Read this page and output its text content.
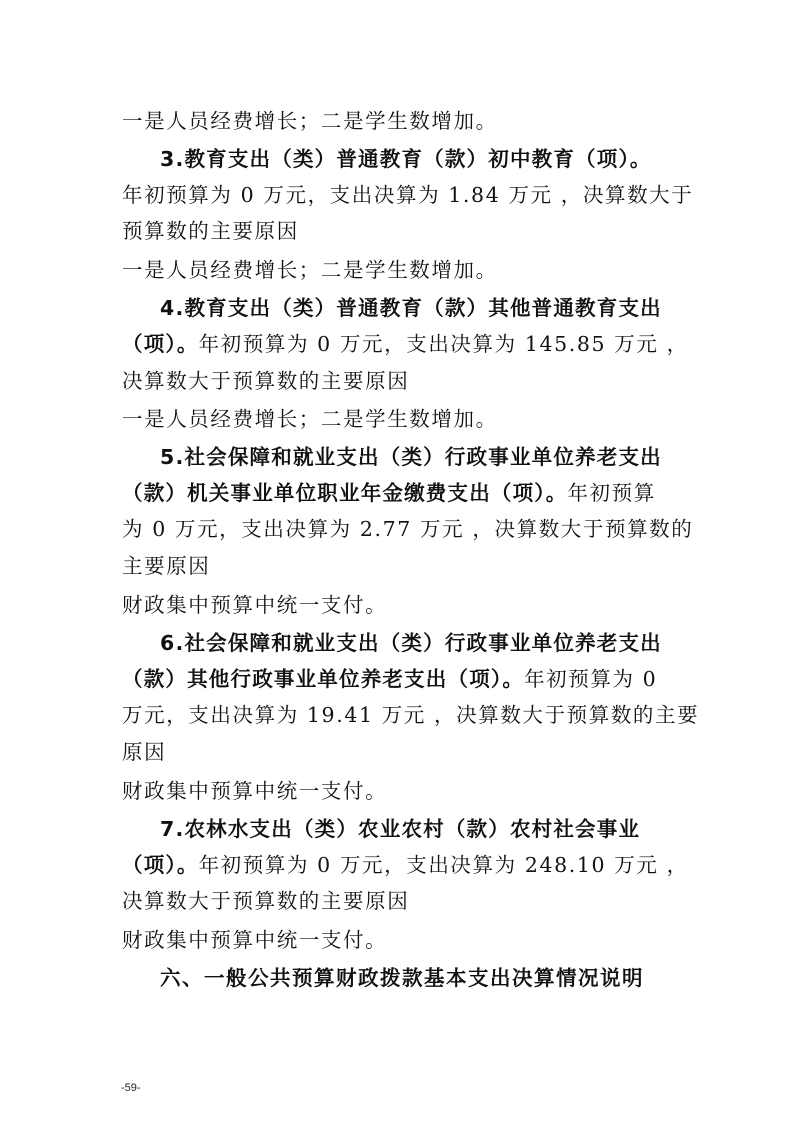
一是人员经费增长；二是学生数增加。

3.教育支出（类）普通教育（款）初中教育（项）。

年初预算为 0 万元，支出决算为 1.84 万元 ，决算数大于

预算数的主要原因

一是人员经费增长；二是学生数增加。

4.教育支出（类）普通教育（款）其他普通教育支出

（项）。年初预算为 0 万元，支出决算为 145.85 万元 ，

决算数大于预算数的主要原因

一是人员经费增长；二是学生数增加。

5.社会保障和就业支出（类）行政事业单位养老支出

（款）机关事业单位职业年金缴费支出（项）。年初预算

为 0 万元，支出决算为 2.77 万元 ，决算数大于预算数的

主要原因

财政集中预算中统一支付。

6.社会保障和就业支出（类）行政事业单位养老支出

（款）其他行政事业单位养老支出（项）。年初预算为 0

万元，支出决算为 19.41 万元 ，决算数大于预算数的主要

原因

财政集中预算中统一支付。

7.农林水支出（类）农业农村（款）农村社会事业

（项）。年初预算为 0 万元，支出决算为 248.10 万元 ，

决算数大于预算数的主要原因

财政集中预算中统一支付。

六、一般公共预算财政拨款基本支出决算情况说明

-59-
